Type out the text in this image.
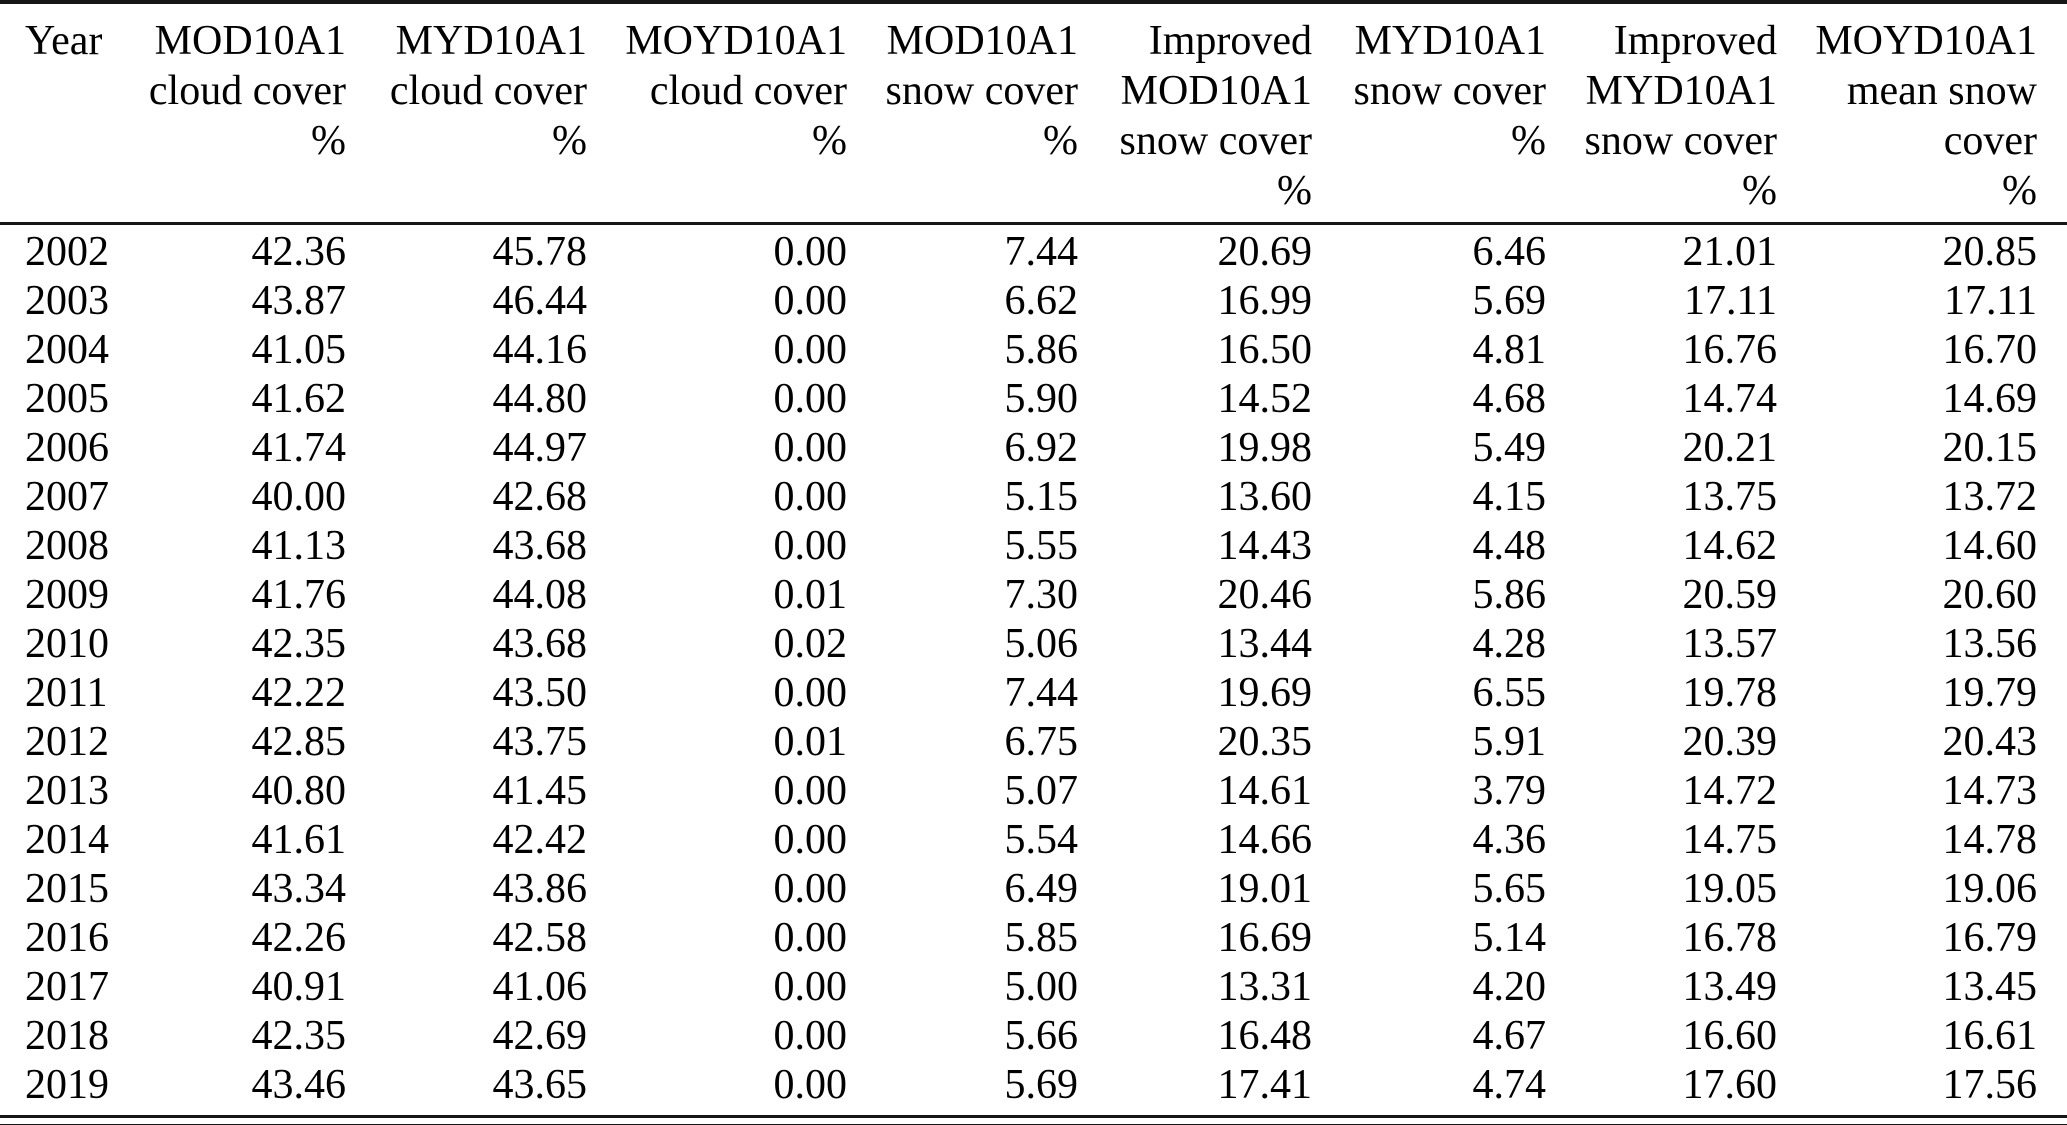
Year	MOD10A1
cloud cover
%	MYD10A1
cloud cover
%	MOYD10A1
cloud cover
%	MOD10A1
snow cover
%	Improved
MOD10A1
snow cover
%	MYD10A1
snow cover
%	Improved
MYD10A1
snow cover
%	MOYD10A1
mean snow
cover
%
2002	42.36	45.78	0.00	7.44	20.69	6.46	21.01	20.85
2003	43.87	46.44	0.00	6.62	16.99	5.69	17.11	17.11
2004	41.05	44.16	0.00	5.86	16.50	4.81	16.76	16.70
2005	41.62	44.80	0.00	5.90	14.52	4.68	14.74	14.69
2006	41.74	44.97	0.00	6.92	19.98	5.49	20.21	20.15
2007	40.00	42.68	0.00	5.15	13.60	4.15	13.75	13.72
2008	41.13	43.68	0.00	5.55	14.43	4.48	14.62	14.60
2009	41.76	44.08	0.01	7.30	20.46	5.86	20.59	20.60
2010	42.35	43.68	0.02	5.06	13.44	4.28	13.57	13.56
2011	42.22	43.50	0.00	7.44	19.69	6.55	19.78	19.79
2012	42.85	43.75	0.01	6.75	20.35	5.91	20.39	20.43
2013	40.80	41.45	0.00	5.07	14.61	3.79	14.72	14.73
2014	41.61	42.42	0.00	5.54	14.66	4.36	14.75	14.78
2015	43.34	43.86	0.00	6.49	19.01	5.65	19.05	19.06
2016	42.26	42.58	0.00	5.85	16.69	5.14	16.78	16.79
2017	40.91	41.06	0.00	5.00	13.31	4.20	13.49	13.45
2018	42.35	42.69	0.00	5.66	16.48	4.67	16.60	16.61
2019	43.46	43.65	0.00	5.69	17.41	4.74	17.60	17.56
